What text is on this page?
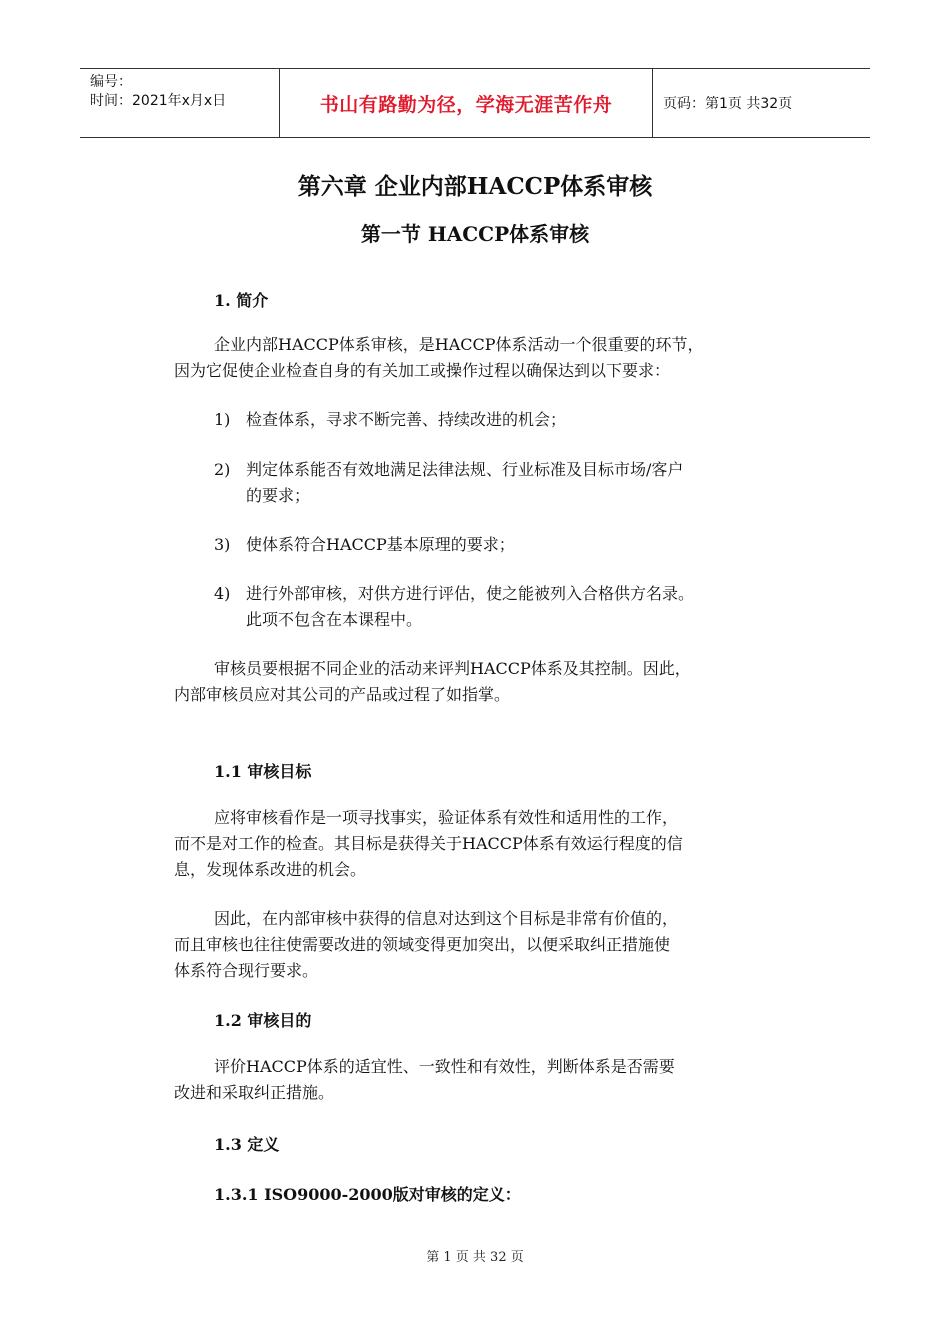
编号：
时间：2021年x月x日	书山有路勤为径，学海无涯苦作舟	页码：第1页 共32页
第六章 企业内部HACCP体系审核
第一节 HACCP体系审核
1. 简介
企业内部HACCP体系审核，是HACCP体系活动一个很重要的环节，
因为它促使企业检查自身的有关加工或操作过程以确保达到以下要求：
1) 检查体系，寻求不断完善、持续改进的机会；
2) 判定体系能否有效地满足法律法规、行业标准及目标市场/客户
的要求；
3) 使体系符合HACCP基本原理的要求；
4) 进行外部审核，对供方进行评估，使之能被列入合格供方名录。
此项不包含在本课程中。
审核员要根据不同企业的活动来评判HACCP体系及其控制。因此，
内部审核员应对其公司的产品或过程了如指掌。
1.1 审核目标
应将审核看作是一项寻找事实，验证体系有效性和适用性的工作，
而不是对工作的检查。其目标是获得关于HACCP体系有效运行程度的信
息，发现体系改进的机会。
因此，在内部审核中获得的信息对达到这个目标是非常有价值的，
而且审核也往往使需要改进的领域变得更加突出，以便采取纠正措施使
体系符合现行要求。
1.2 审核目的
评价HACCP体系的适宜性、一致性和有效性，判断体系是否需要
改进和采取纠正措施。
1.3 定义
1.3.1 ISO9000-2000版对审核的定义：
第 1 页 共 32 页
